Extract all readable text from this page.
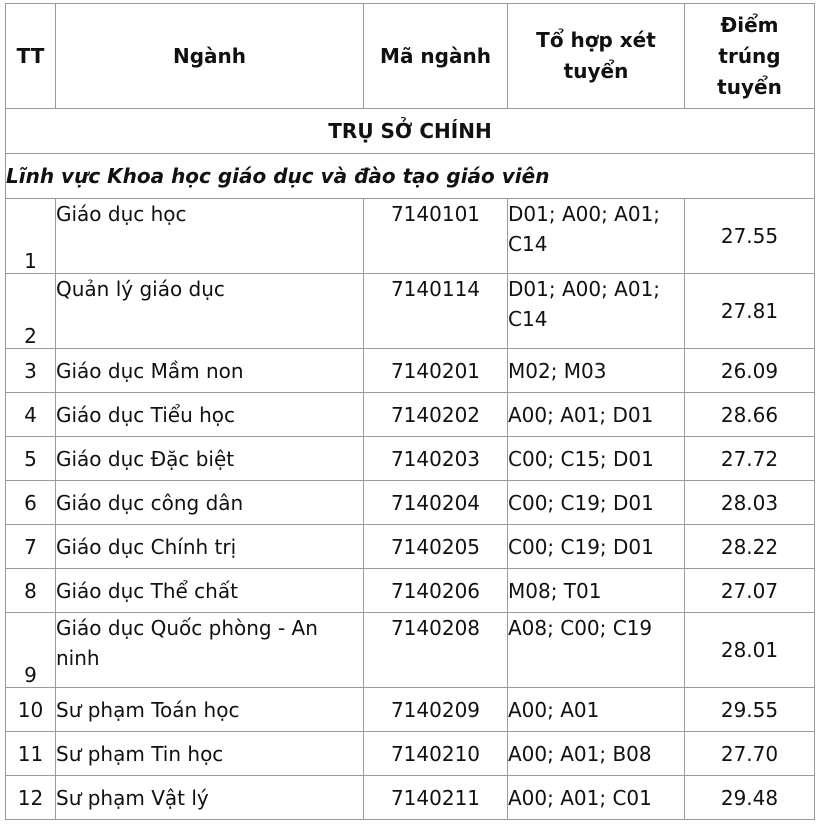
TT	Ngành	Mã ngành	Tổ hợp xét tuyển	Điểm trúng tuyển
TRỤ SỞ CHÍNH				
Lĩnh vực Khoa học giáo dục và đào tạo giáo viên				
1	Giáo dục học	7140101	D01; A00; A01; C14	27.55
2	Quản lý giáo dục	7140114	D01; A00; A01; C14	27.81
3	Giáo dục Mầm non	7140201	M02; M03	26.09
4	Giáo dục Tiểu học	7140202	A00; A01; D01	28.66
5	Giáo dục Đặc biệt	7140203	C00; C15; D01	27.72
6	Giáo dục công dân	7140204	C00; C19; D01	28.03
7	Giáo dục Chính trị	7140205	C00; C19; D01	28.22
8	Giáo dục Thể chất	7140206	M08; T01	27.07
9	Giáo dục Quốc phòng - An ninh	7140208	A08; C00; C19	28.01
10	Sư phạm Toán học	7140209	A00; A01	29.55
11	Sư phạm Tin học	7140210	A00; A01; B08	27.70
12	Sư phạm Vật lý	7140211	A00; A01; C01	29.48
